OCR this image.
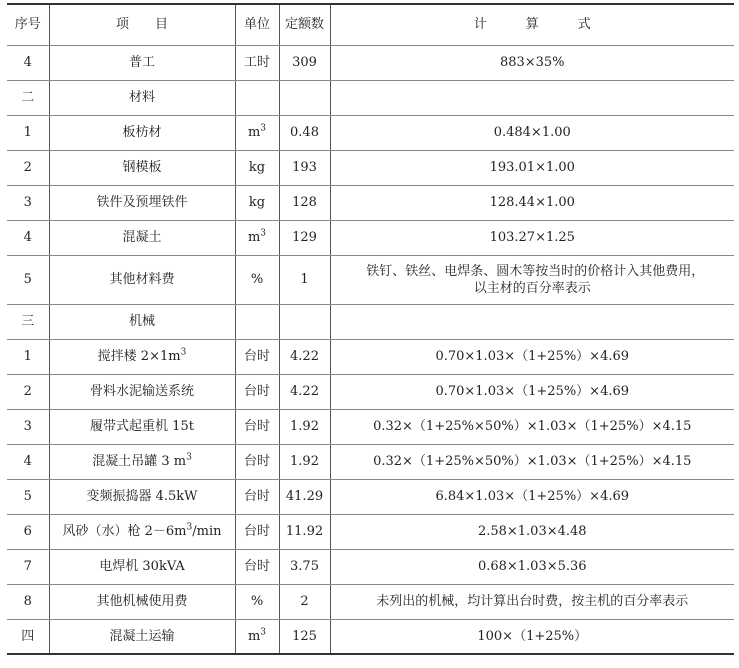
序号	项　　目	单位	定额数	计　　　算　　　式
4	普工	工时	309	883×35%
二	材料			
1	板枋材	$m^3$	0.48	0.484×1.00
2	钢模板	kg	193	193.01×1.00
3	铁件及预埋铁件	kg	128	128.44×1.00
4	混凝土	$m^3$	129	103.27×1.25
5	其他材料费	%	1	铁钉、铁丝、电焊条、圆木等按当时的价格计入其他费用，
以主材的百分率表示

三	机械			
1	搅拌楼 $2\times 1m^3$	台时	4.22	0.70×1.03×（1+25%）×4.69
2	骨料水泥输送系统	台时	4.22	0.70×1.03×（1+25%）×4.69
3	履带式起重机 15t	台时	1.92	0.32×（1+25%×50%）×1.03×（1+25%）×4.15
4	混凝土吊罐 3 $m^3$	台时	1.92	0.32×（1+25%×50%）×1.03×（1+25%）×4.15
5	变频振捣器 4.5kW	台时	41.29	6.84×1.03×（1+25%）×4.69
6	风砂（水）枪 $2-6m^3/\min$	台时	11.92	2.58×1.03×4.48
7	电焊机 30kVA	台时	3.75	0.68×1.03×5.36
8	其他机械使用费	%	2	未列出的机械，均计算出台时费，按主机的百分率表示
四	混凝土运输	$m^3$	125	100×（1+25%）
